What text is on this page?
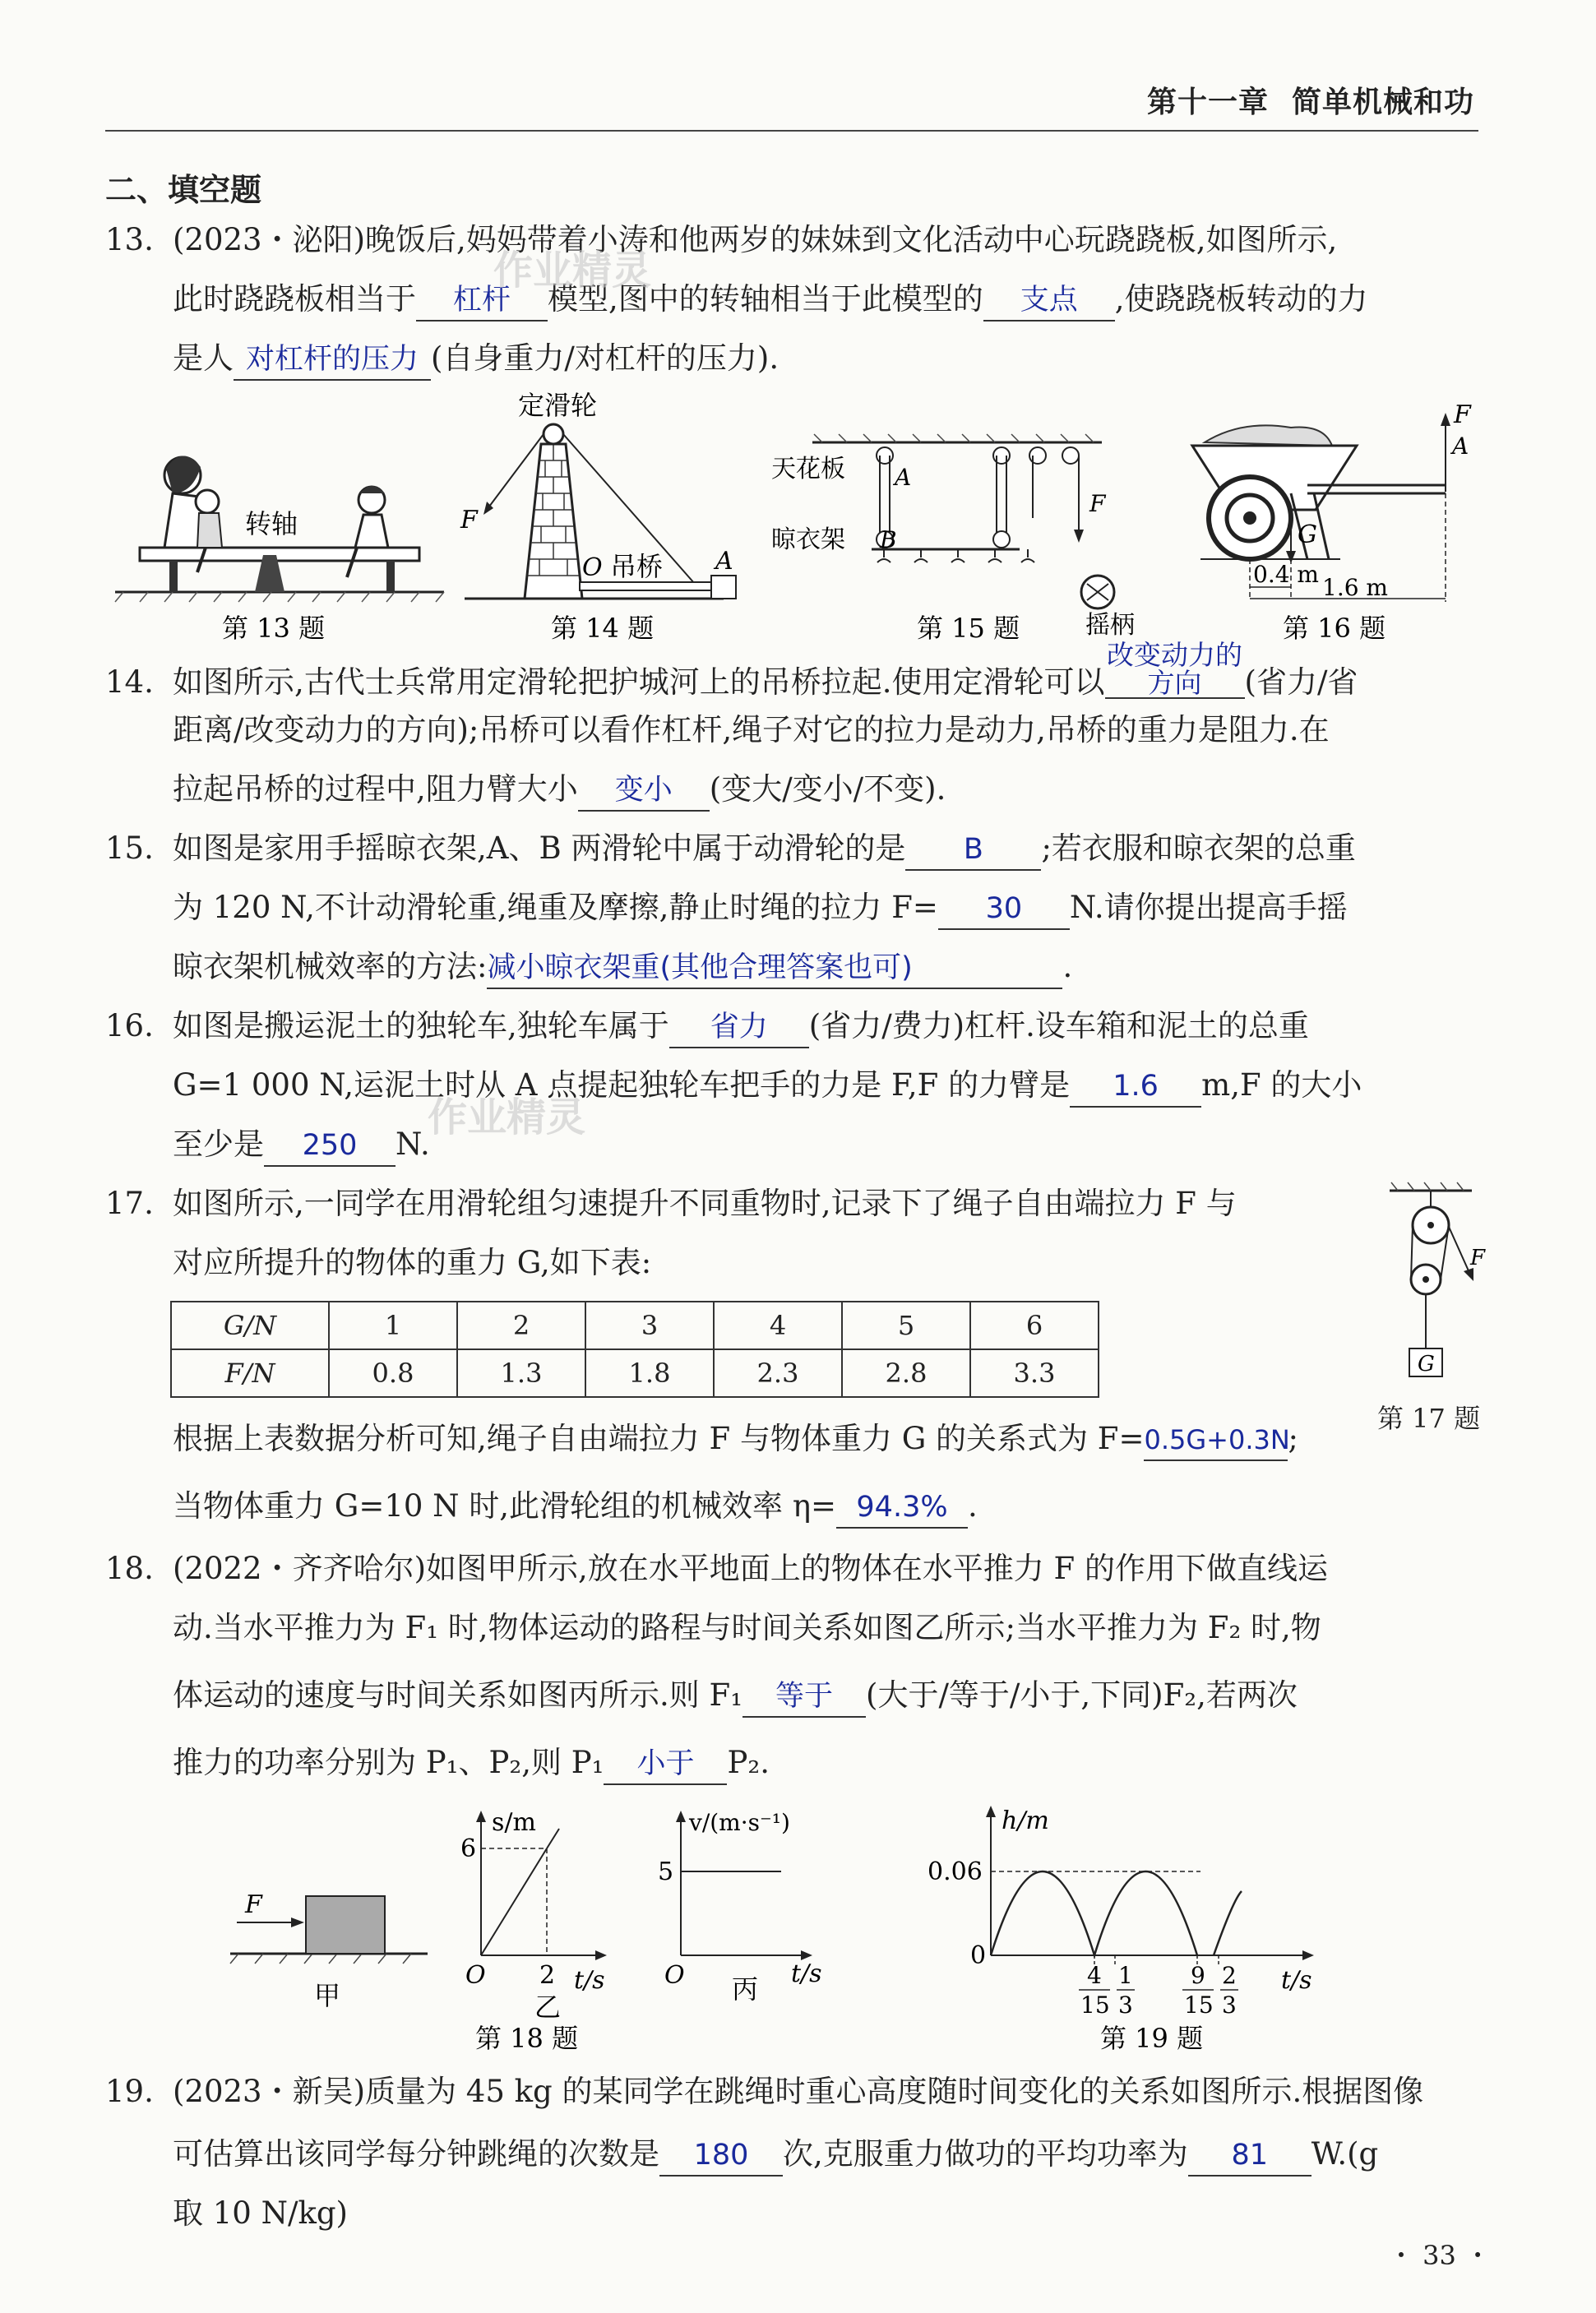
第十一章 简单机械和功
二、填空题
13. (2023・泌阳)晚饭后,妈妈带着小涛和他两岁的妹妹到文化活动中心玩跷跷板,如图所示,
此时跷跷板相当于 杠杆 模型,图中的转轴相当于此模型的 支点 ,使跷跷板转动的力
是人 对杠杆的压力 (自身重力/对杠杆的压力).
转轴
第 13 题
定滑轮
F
O 吊桥 A
第 14 题
天花板 A
晾衣架 B
F
摇柄
第 15 题
F
A
G
0.4 m 1.6 m
第 16 题
作业精灵
作业精灵
14. 如图所示,古代士兵常用定滑轮把护城河上的吊桥拉起.使用定滑轮可以改变动力的方向 (省力/省
距离/改变动力的方向);吊桥可以看作杠杆,绳子对它的拉力是动力,吊桥的重力是阻力.在
拉起吊桥的过程中,阻力臂大小 变小 (变大/变小/不变).
15. 如图是家用手摇晾衣架,A、B 两滑轮中属于动滑轮的是 B ;若衣服和晾衣架的总重
为 120 N,不计动滑轮重,绳重及摩擦,静止时绳的拉力 F= 30 N.请你提出提高手摇
晾衣架机械效率的方法:减小晾衣架重(其他合理答案也可)	.
16. 如图是搬运泥土的独轮车,独轮车属于 省力 (省力/费力)杠杆.设车箱和泥土的总重
G=1 000 N,运泥土时从 A 点提起独轮车把手的力是 F,F 的力臂是 1.6 m,F 的大小
至少是 250 N.
17. 如图所示,一同学在用滑轮组匀速提升不同重物时,记录下了绳子自由端拉力 F 与
对应所提升的物体的重力 G,如下表:
G/N	1	2	3	4	5	6
F/N	0.8	1.3	1.8	2.3	2.8	3.3	G
F
第 17 题
根据上表数据分析可知,绳子自由端拉力 F 与物体重力 G 的关系式为 F=0.5G+0.3N;
当物体重力 G=10 N 时,此滑轮组的机械效率 η= 94.3% .
18. (2022・齐齐哈尔)如图甲所示,放在水平地面上的物体在水平推力 F 的作用下做直线运
动.当水平推力为 F₁ 时,物体运动的路程与时间关系如图乙所示;当水平推力为 F₂ 时,物
体运动的速度与时间关系如图丙所示.则 F₁ 等于 (大于/等于/小于,下同)F₂,若两次
推力的功率分别为 P₁、P₂,则 P₁ 小于 P₂.
F
甲
s/m
6
2
O	t/s
乙
v/(m·s⁻¹)
5
O	t/s
丙
第 18 题
h/m
0.06
0
t/s
4
15
1
3
9
15
2
3
第 19 题
19. (2023・新吴)质量为 45 kg 的某同学在跳绳时重心高度随时间变化的关系如图所示.根据图像
可估算出该同学每分钟跳绳的次数是 180 次,克服重力做功的平均功率为 81 W.(g
取 10 N/kg)
・ 33 ・
